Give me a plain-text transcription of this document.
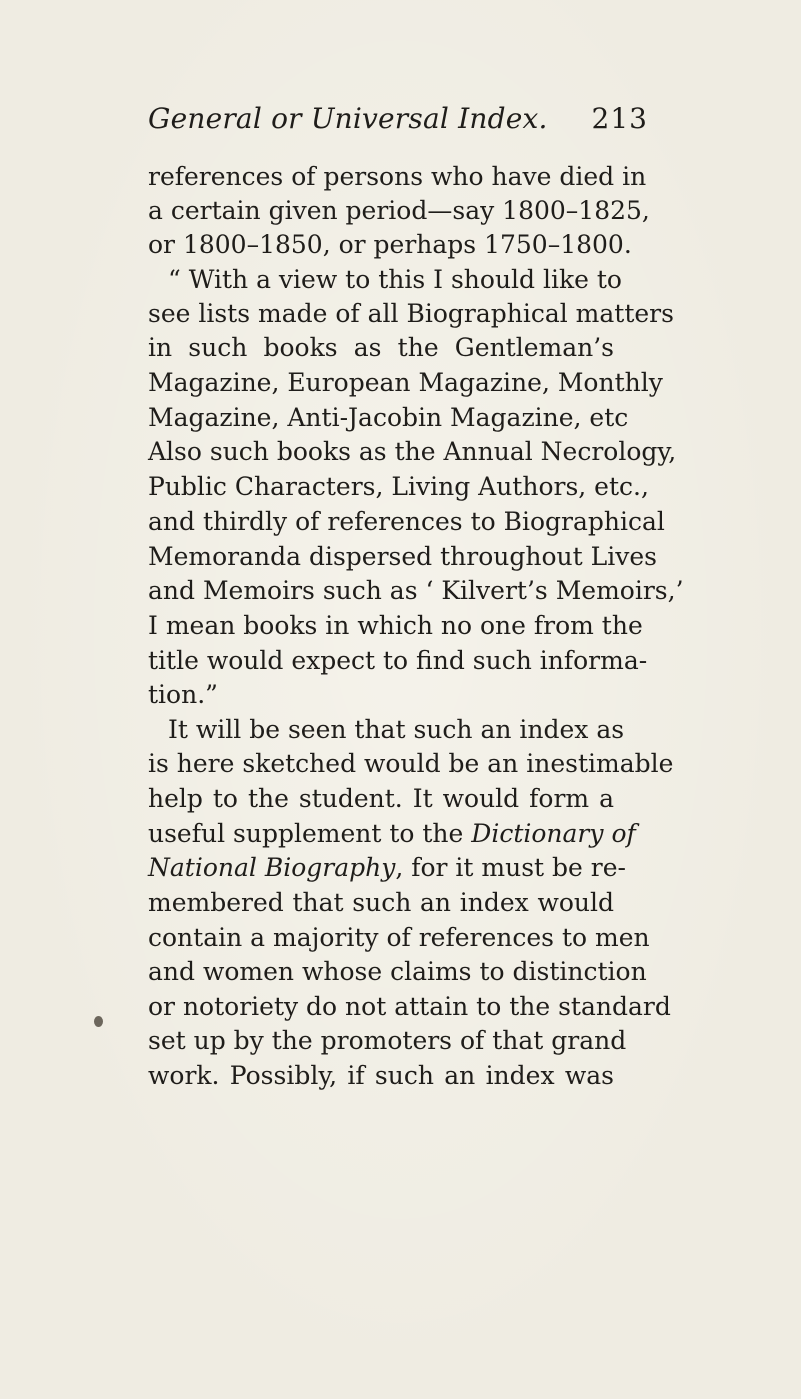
General or Universal Index. 213
references of persons who have died in
a certain given period—say 1800–1825,
or 1800–1850, or perhaps 1750–1800.
“ With a view to this I should like to
see lists made of all Biographical matters
in such books as the Gentleman’s
Magazine, European Magazine, Monthly
Magazine, Anti-Jacobin Magazine, etc
Also such books as the Annual Necrology,
Public Characters, Living Authors, etc.,
and thirdly of references to Biographical
Memoranda dispersed throughout Lives
and Memoirs such as ‘ Kilvert’s Memoirs,’
I mean books in which no one from the
title would expect to find such informa-
tion.”
It will be seen that such an index as
is here sketched would be an inestimable
help to the student. It would form a
useful supplement to the Dictionary of
National Biography, for it must be re-
membered that such an index would
contain a majority of references to men
and women whose claims to distinction
or notoriety do not attain to the standard
set up by the promoters of that grand
work. Possibly, if such an index was
